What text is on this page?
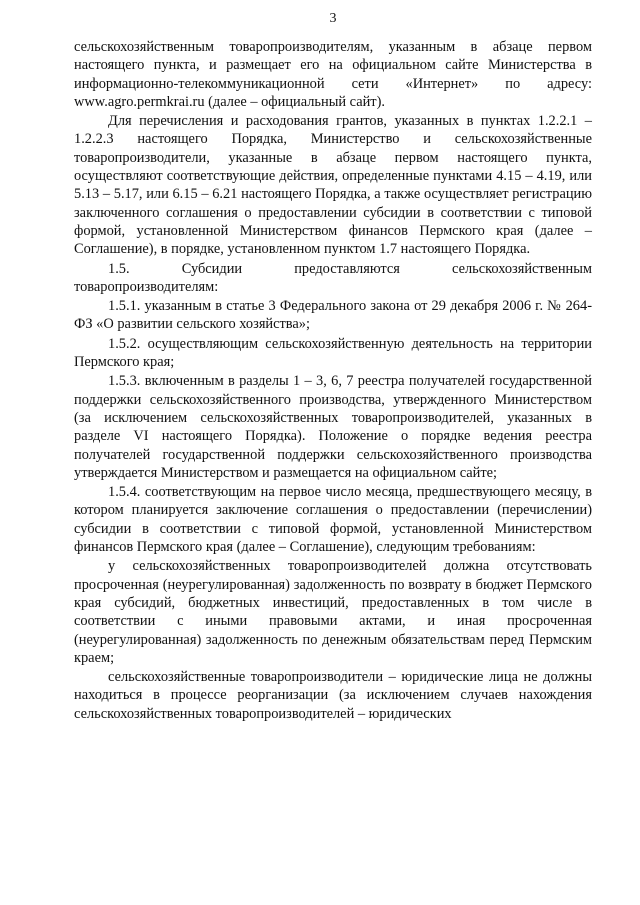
3

сельскохозяйственным товаропроизводителям, указанным в абзаце первом настоящего пункта, и размещает его на официальном сайте Министерства в информационно-телекоммуникационной сети «Интернет» по адресу: www.agro.permkrai.ru (далее – официальный сайт).

Для перечисления и расходования грантов, указанных в пунктах 1.2.2.1 – 1.2.2.3 настоящего Порядка, Министерство и сельскохозяйственные товаропроизводители, указанные в абзаце первом настоящего пункта, осуществляют соответствующие действия, определенные пунктами 4.15 – 4.19, или 5.13 – 5.17, или 6.15 – 6.21 настоящего Порядка, а также осуществляет регистрацию заключенного соглашения о предоставлении субсидии в соответствии с типовой формой, установленной Министерством финансов Пермского края (далее – Соглашение), в порядке, установленном пунктом 1.7 настоящего Порядка.

1.5. Субсидии предоставляются сельскохозяйственным товаропроизводителям:

1.5.1. указанным в статье 3 Федерального закона от 29 декабря 2006 г. № 264-ФЗ «О развитии сельского хозяйства»;

1.5.2. осуществляющим сельскохозяйственную деятельность на территории Пермского края;

1.5.3. включенным в разделы 1 – 3, 6, 7 реестра получателей государственной поддержки сельскохозяйственного производства, утвержденного Министерством (за исключением сельскохозяйственных товаропроизводителей, указанных в разделе VI настоящего Порядка). Положение о порядке ведения реестра получателей государственной поддержки сельскохозяйственного производства утверждается Министерством и размещается на официальном сайте;

1.5.4. соответствующим на первое число месяца, предшествующего месяцу, в котором планируется заключение соглашения о предоставлении (перечислении) субсидии в соответствии с типовой формой, установленной Министерством финансов Пермского края (далее – Соглашение), следующим требованиям:

у сельскохозяйственных товаропроизводителей должна отсутствовать просроченная (неурегулированная) задолженность по возврату в бюджет Пермского края субсидий, бюджетных инвестиций, предоставленных в том числе в соответствии с иными правовыми актами, и иная просроченная (неурегулированная) задолженность по денежным обязательствам перед Пермским краем;

сельскохозяйственные товаропроизводители – юридические лица не должны находиться в процессе реорганизации (за исключением случаев нахождения сельскохозяйственных товаропроизводителей – юридических
